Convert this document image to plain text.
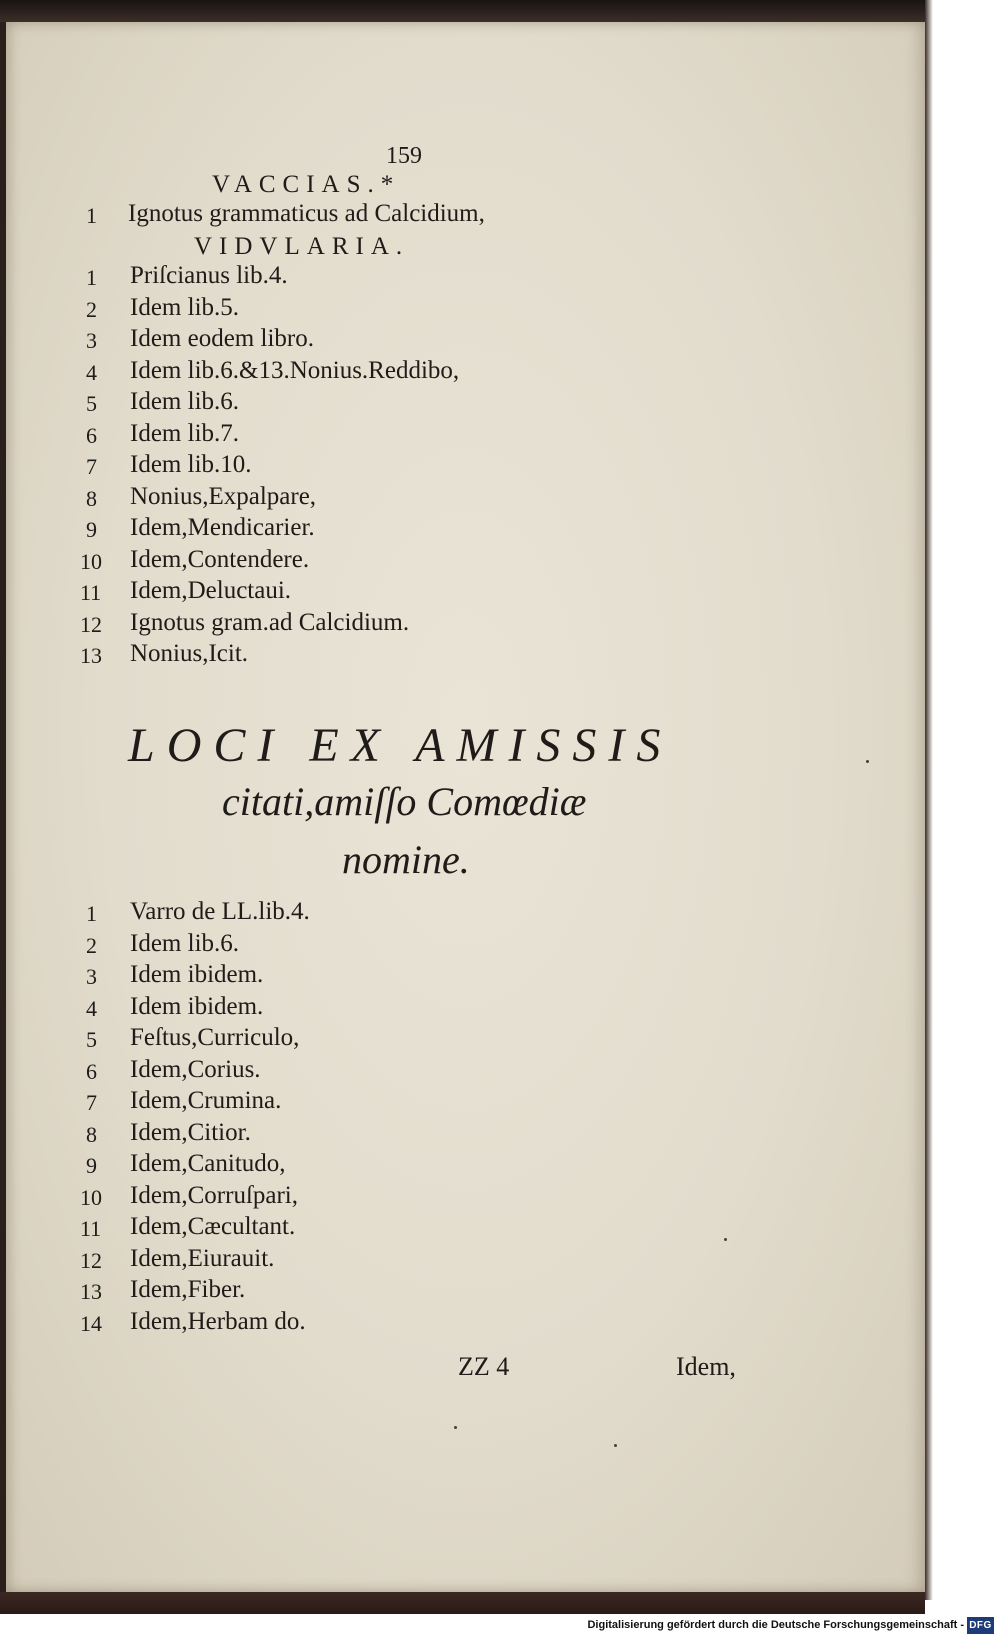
159
VACCIAS.*
1 Ignotus grammaticus ad Calcidium,
VIDVLARIA.
1 Priſcianus lib.4.
2 Idem lib.5.
3 Idem eodem libro.
4 Idem lib.6.&13.Nonius.Reddibo,
5 Idem lib.6.
6 Idem lib.7.
7 Idem lib.10.
8 Nonius,Expalpare,
9 Idem,Mendicarier.
10 Idem,Contendere.
11 Idem,Deluctaui.
12 Ignotus gram.ad Calcidium.
13 Nonius,Icit.
LOCI EX AMISSIS
citati,amiſſo Comœdiæ
nomine.
1 Varro de LL.lib.4.
2 Idem lib.6.
3 Idem ibidem.
4 Idem ibidem.
5 Feſtus,Curriculo,
6 Idem,Corius.
7 Idem,Crumina.
8 Idem,Citior.
9 Idem,Canitudo,
10 Idem,Corruſpari,
11 Idem,Cæcultant.
12 Idem,Eiurauit.
13 Idem,Fiber.
14 Idem,Herbam do.
ZZ 4	Idem,
Digitalisierung gefördert durch die Deutsche Forschungsgemeinschaft - DFG
